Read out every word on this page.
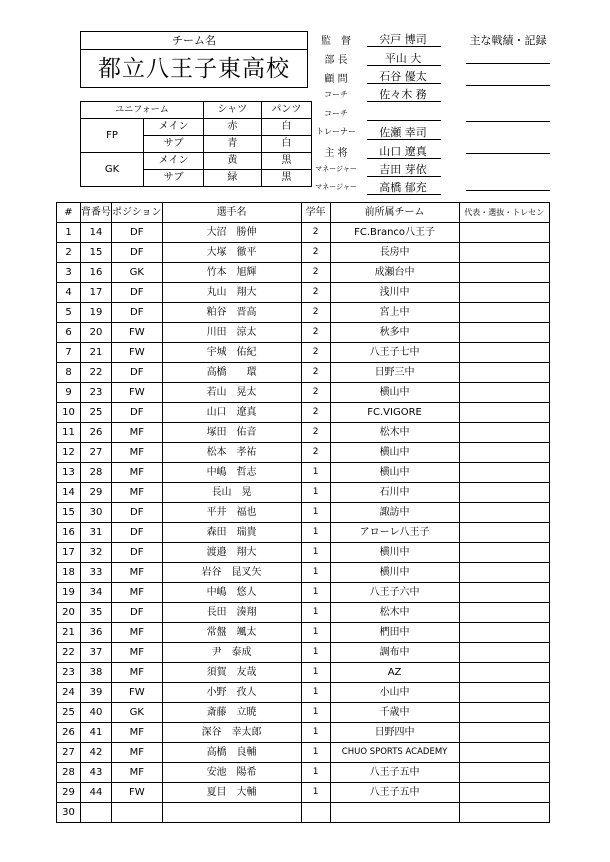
チーム名
都立八王子東高校
ユニフォーム		シャツ	パンツ
FP	メイン	赤	白
	サブ	青	白
GK	メイン	黄	黒
	サブ	緑	黒
監　督	宍戸 博司
部 長	平山 大
顧 問	石谷 優太
コーチ	佐々木 務
コーチ
トレーナー	佐瀬 幸司
主 将	山口 遼真
マネージャー	吉田 芽依
マネージャー	高橋 郁充
主な戦績・記録
#	背番号	ポジション	選手名	学年	前所属チーム	代表・選抜・トレセン
1	14	DF	大沼　勝伸	2	FC.Branco八王子	
2	15	DF	大塚　徹平	2	長房中	
3	16	GK	竹本　旭輝	2	成瀬台中	
4	17	DF	丸山　翔大	2	浅川中	
5	19	DF	粕谷　晋高	2	宮上中	
6	20	FW	川田　涼太	2	秋多中	
7	21	FW	宇城　佑紀	2	八王子七中	
8	22	DF	高橋　　環	2	日野三中	
9	23	FW	若山　晃太	2	横山中	
10	25	DF	山口　遼真	2	FC.VIGORE	
11	26	MF	塚田　佑音	2	松木中	
12	27	MF	松本　孝祐	2	横山中	
13	28	MF	中嶋　哲志	1	横山中	
14	29	MF	長山　晃	1	石川中	
15	30	DF	平井　福也	1	諏訪中	
16	31	DF	森田　瑞貴	1	アローレ八王子	
17	32	DF	渡邉　翔大	1	横川中	
18	33	MF	岩谷　昆叉矢	1	横川中	
19	34	MF	中嶋　悠人	1	八王子六中	
20	35	DF	長田　湊翔	1	松木中	
21	36	MF	常盤　颯太	1	椚田中	
22	37	MF	尹　泰成	1	調布中	
23	38	MF	須賀　友哉	1	AZ	
24	39	FW	小野　孜人	1	小山中	
25	40	GK	斎藤　立暁	1	千歳中	
26	41	MF	深谷　幸太郎	1	日野四中	
27	42	MF	高橋　良輔	1	CHUO SPORTS ACADEMY	
28	43	MF	安池　陽希	1	八王子五中	
29	44	FW	夏目　大輔	1	八王子五中	
30						
